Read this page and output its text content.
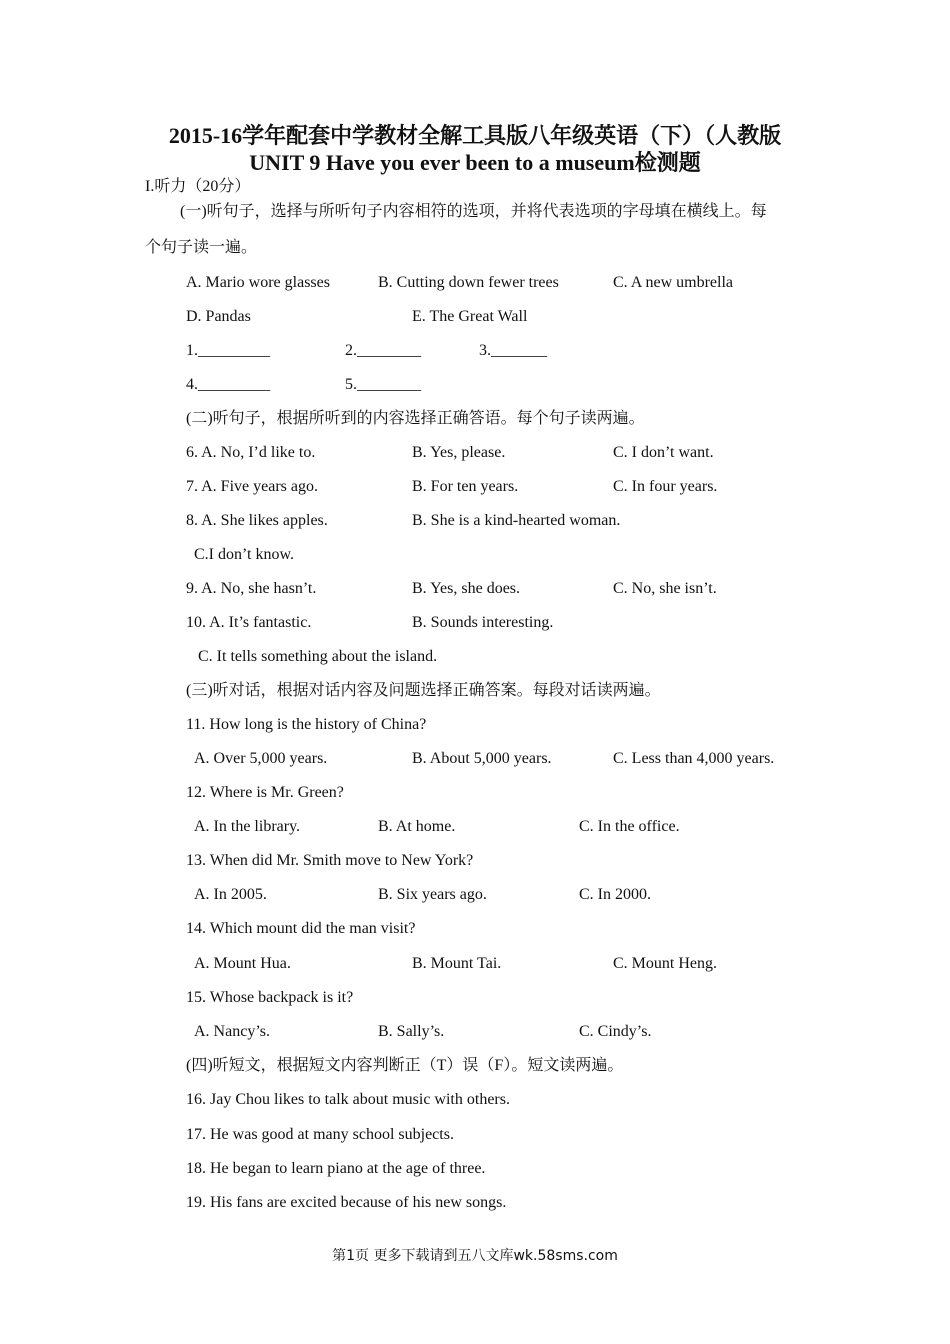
2015-16学年配套中学教材全解工具版八年级英语（下）（人教版
UNIT 9 Have you ever been to a museum检测题
I.听力（20分）
(一)听句子，选择与所听句子内容相符的选项，并将代表选项的字母填在横线上。每
个句子读一遍。
A. Mario wore glasses	B. Cutting down fewer trees	C. A new umbrella
D. Pandas	E. The Great Wall
1._________	2.________	3._______
4._________	5.________
(二)听句子，根据所听到的内容选择正确答语。每个句子读两遍。
6. A. No, I’d like to.	B. Yes, please.	C. I don’t want.
7. A. Five years ago.	B. For ten years.	C. In four years.
8. A. She likes apples.	B. She is a kind-hearted woman.
C.I don’t know.
9. A. No, she hasn’t.	B. Yes, she does.	C. No, she isn’t.
10. A. It’s fantastic.	B. Sounds interesting.
C. It tells something about the island.
(三)听对话，根据对话内容及问题选择正确答案。每段对话读两遍。
11. How long is the history of China?
A. Over 5,000 years.	B. About 5,000 years.	C. Less than 4,000 years.
12. Where is Mr. Green?
A. In the library.	B. At home.	C. In the office.
13. When did Mr. Smith move to New York?
A. In 2005.	B. Six years ago.	C. In 2000.
14. Which mount did the man visit?
A. Mount Hua.	B. Mount Tai.	C. Mount Heng.
15. Whose backpack is it?
A. Nancy’s.	B. Sally’s.	C. Cindy’s.
(四)听短文，根据短文内容判断正（T）误（F）。短文读两遍。
16. Jay Chou likes to talk about music with others.
17. He was good at many school subjects.
18. He began to learn piano at the age of three.
19. His fans are excited because of his new songs.
第1页 更多下载请到五八文库wk.58sms.com
